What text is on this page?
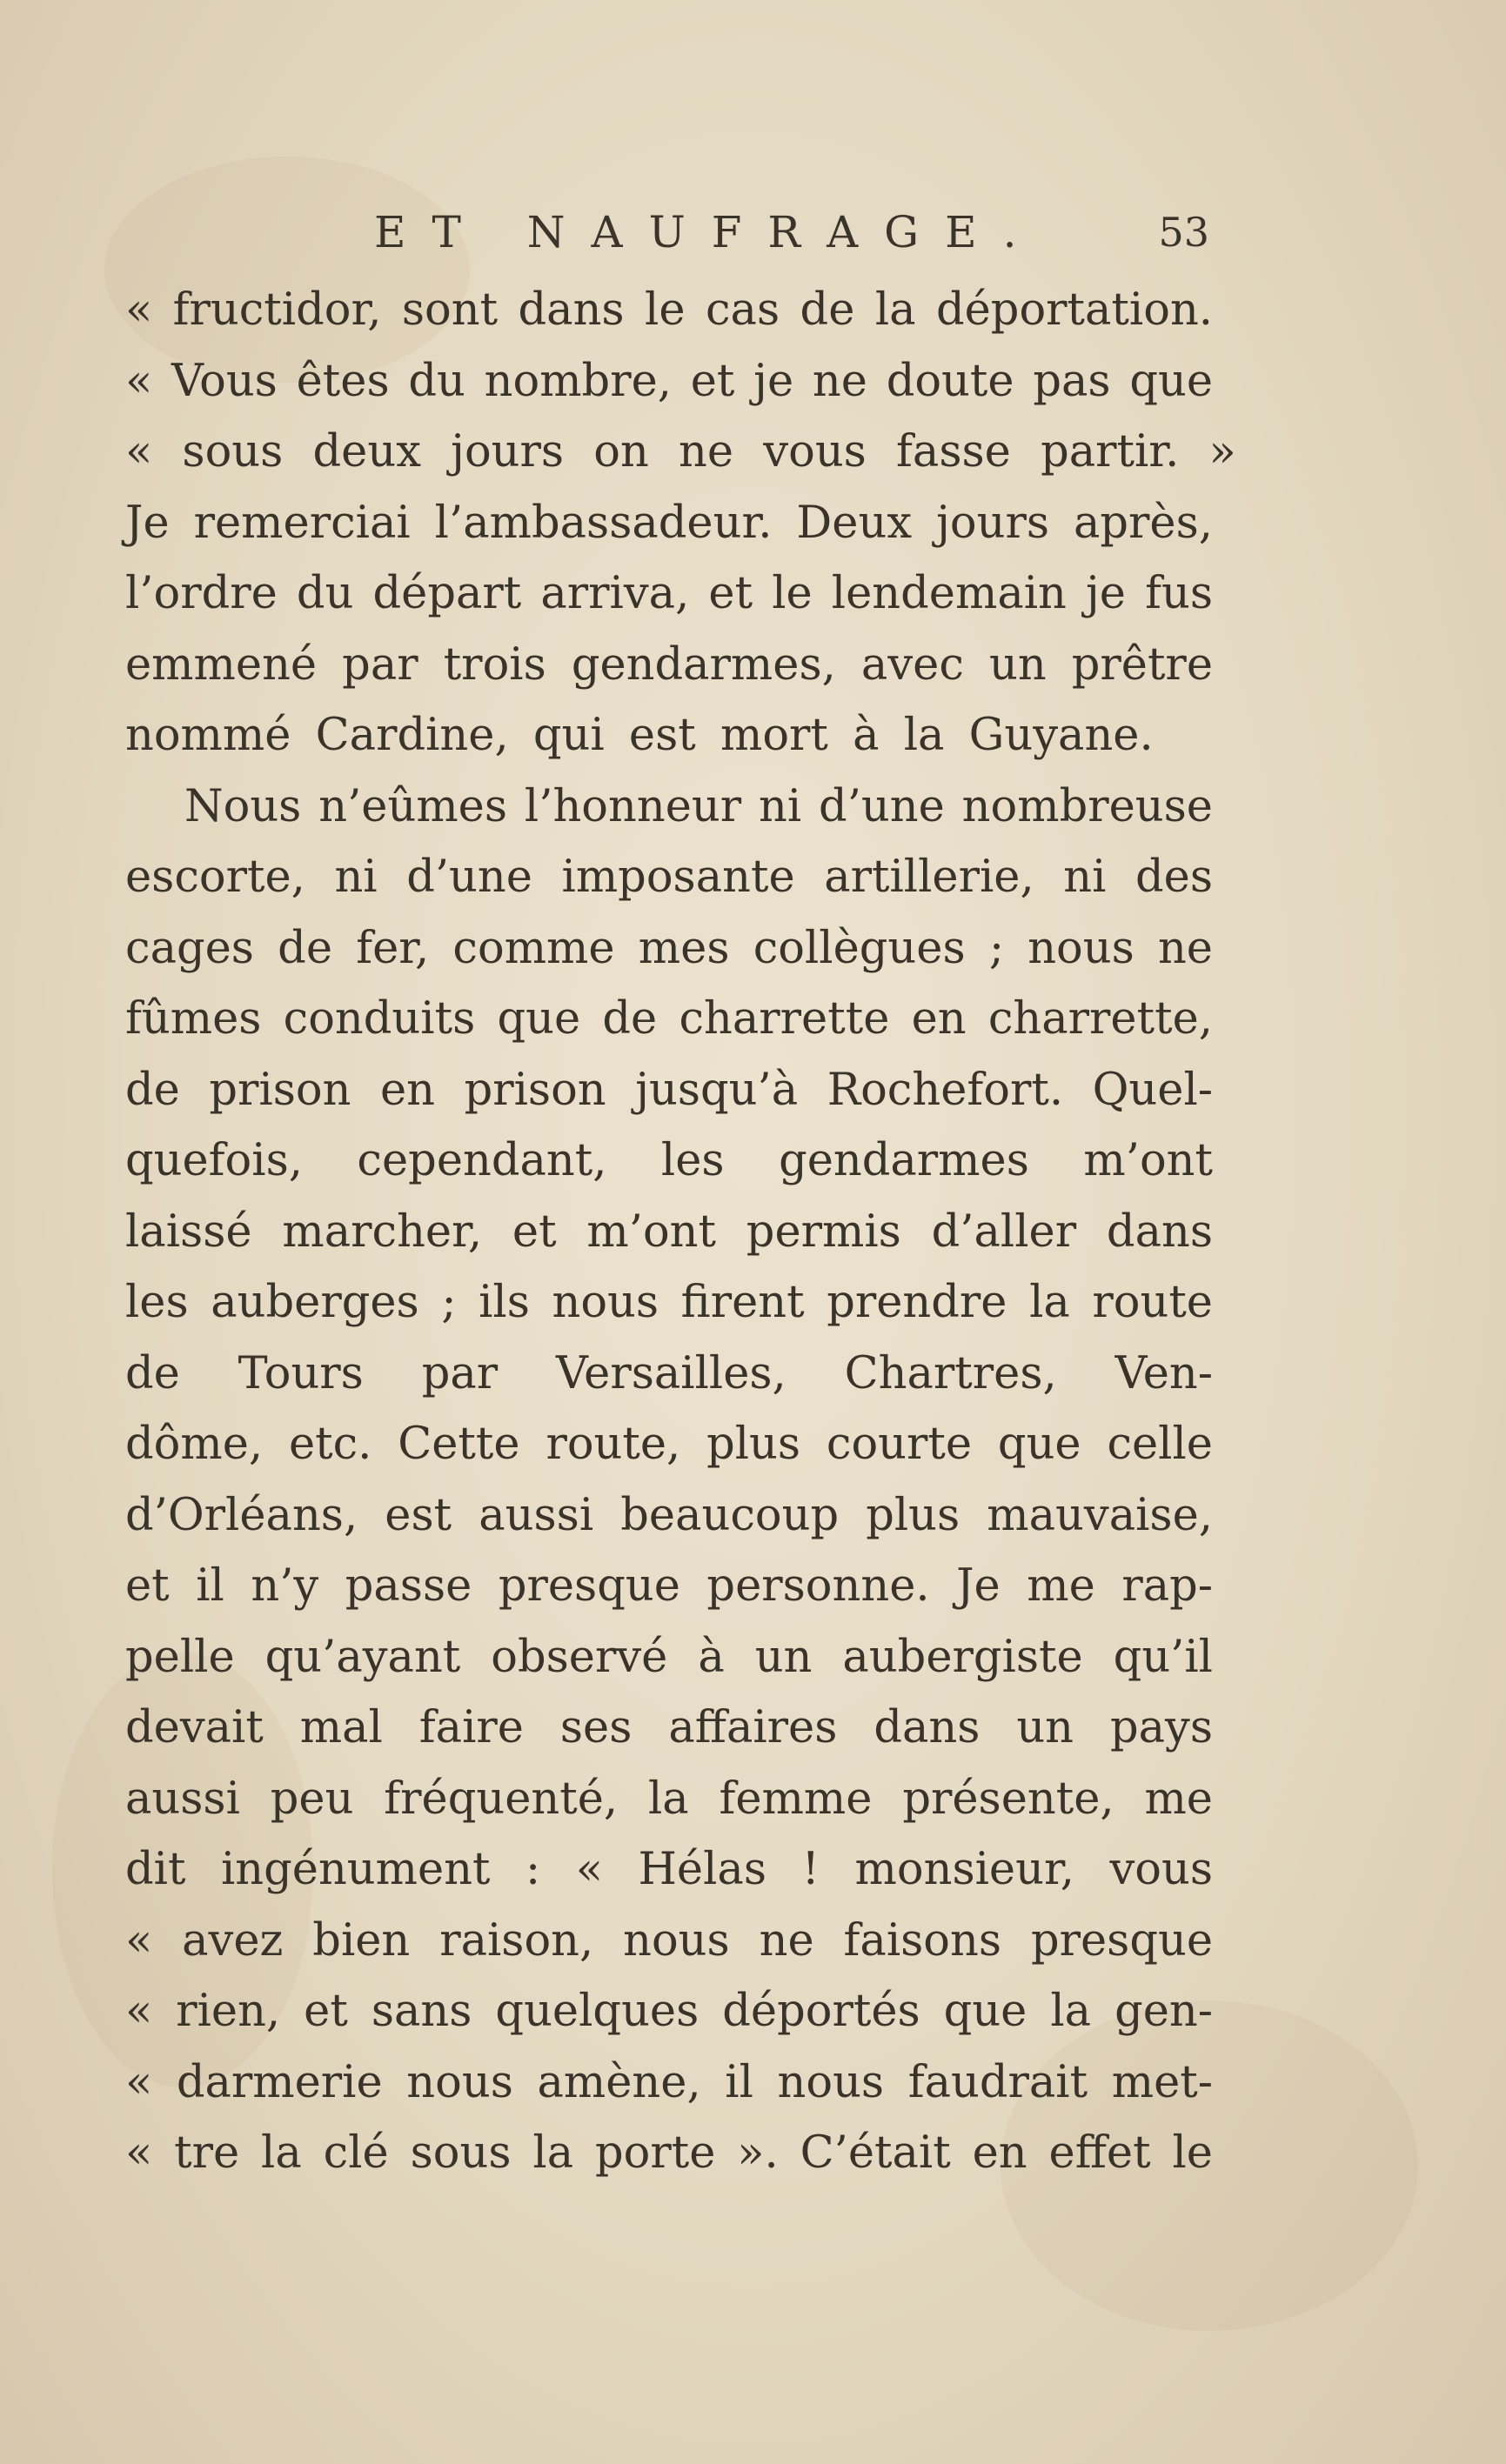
ET NAUFRAGE.	53
« fructidor, sont dans le cas de la déportation.
« Vous êtes du nombre, et je ne doute pas que
« sous deux jours on ne vous fasse partir. »
Je remerciai l’ambassadeur. Deux jours après,
l’ordre du départ arriva, et le lendemain je fus
emmené par trois gendarmes, avec un prêtre
nommé Cardine, qui est mort à la Guyane.
Nous n’eûmes l’honneur ni d’une nombreuse
escorte, ni d’une imposante artillerie, ni des
cages de fer, comme mes collègues ; nous ne
fûmes conduits que de charrette en charrette,
de prison en prison jusqu’à Rochefort. Quel-
quefois, cependant, les gendarmes m’ont
laissé marcher, et m’ont permis d’aller dans
les auberges ; ils nous firent prendre la route
de Tours par Versailles, Chartres, Ven-
dôme, etc. Cette route, plus courte que celle
d’Orléans, est aussi beaucoup plus mauvaise,
et il n’y passe presque personne. Je me rap-
pelle qu’ayant observé à un aubergiste qu’il
devait mal faire ses affaires dans un pays
aussi peu fréquenté, la femme présente, me
dit ingénument : « Hélas ! monsieur, vous
« avez bien raison, nous ne faisons presque
« rien, et sans quelques déportés que la gen-
« darmerie nous amène, il nous faudrait met-
« tre la clé sous la porte ». C’était en effet le
